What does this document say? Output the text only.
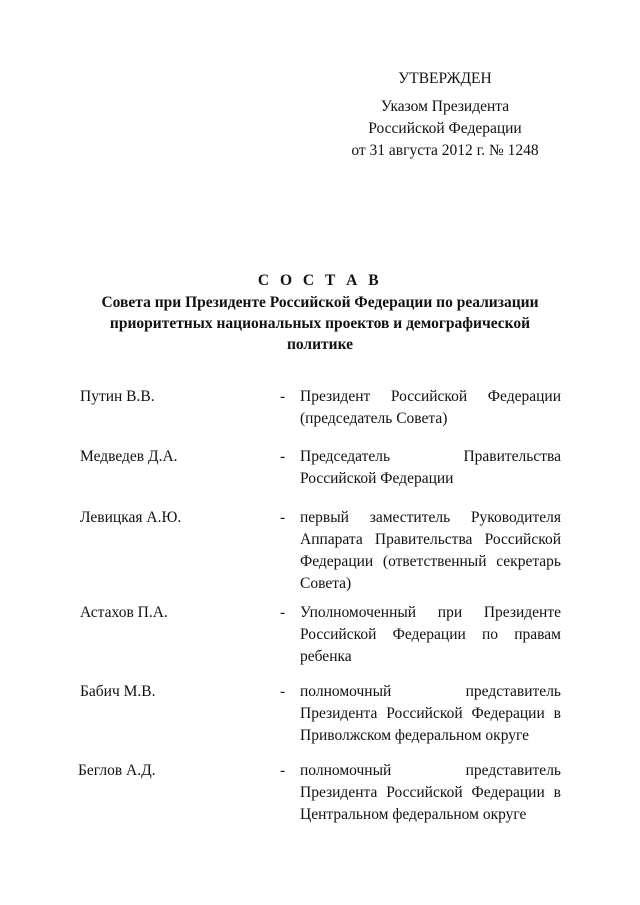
УТВЕРЖДЕН
Указом Президента
Российской Федерации
от 31 августа 2012 г. № 1248
С О С Т А В
Совета при Президенте Российской Федерации по реализации приоритетных национальных проектов и демографической политике
Путин В.В.	- Президент Российской Федерации (председатель Совета)
Медведев Д.А.	- Председатель Правительства Российской Федерации
Левицкая А.Ю.	- первый заместитель Руководителя Аппарата Правительства Российской Федерации (ответственный секретарь Совета)
Астахов П.А.	- Уполномоченный при Президенте Российской Федерации по правам ребенка
Бабич М.В.	- полномочный представитель Президента Российской Федерации в Приволжском федеральном округе
Беглов А.Д.	- полномочный представитель Президента Российской Федерации в Центральном федеральном округе
